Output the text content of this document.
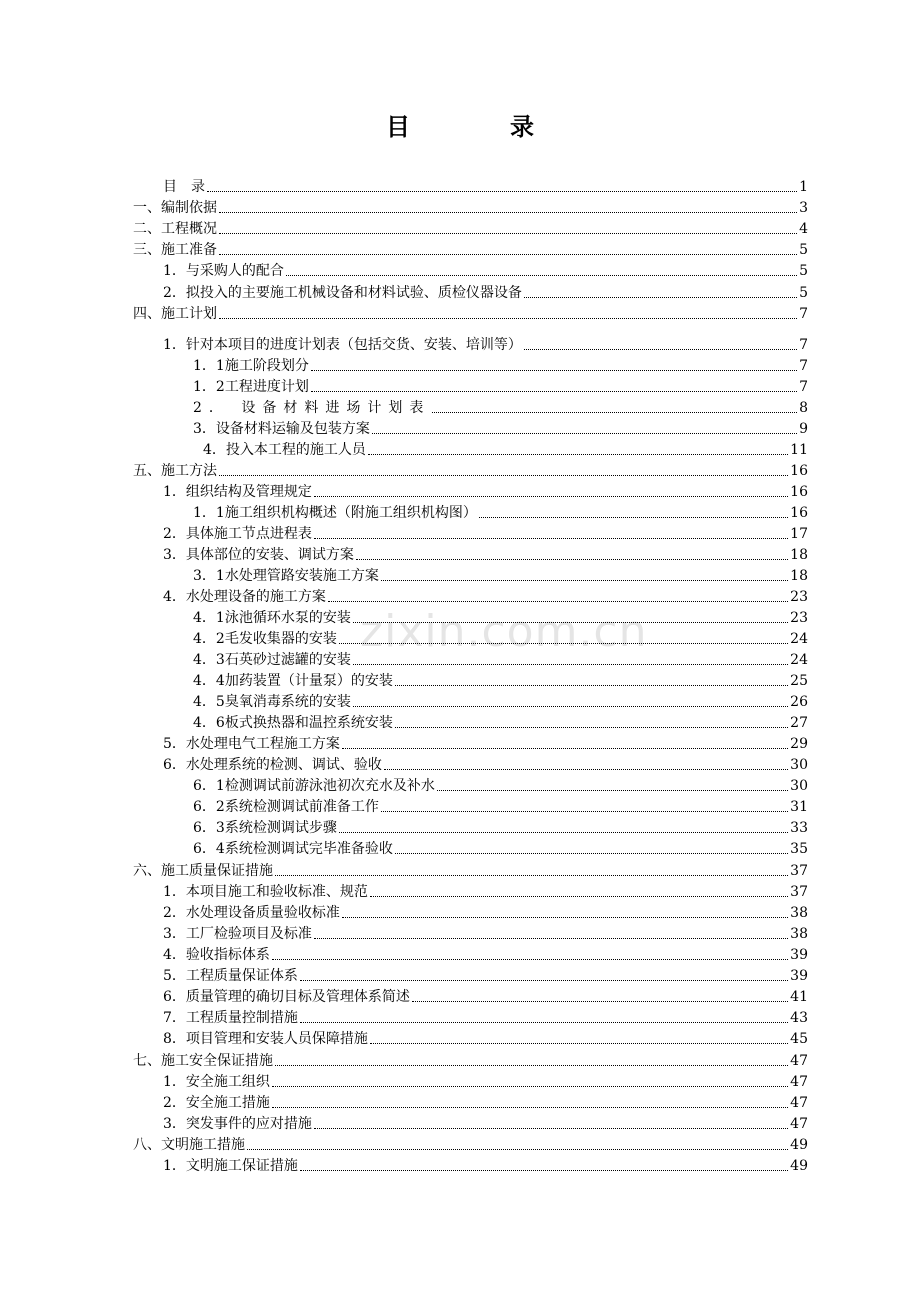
目　录
zixin.com.cn
目　录	1
一、编制依据	3
二、工程概况	4
三、施工准备	5
1．与采购人的配合	5
2．拟投入的主要施工机械设备和材料试验、质检仪器设备	5
四、施工计划	7
1．针对本项目的进度计划表（包括交货、安装、培训等）	7
1．1施工阶段划分	7
1．2工程进度计划	7
2． 设备材料进场计划表	8
3．设备材料运输及包装方案	9
4．投入本工程的施工人员	11
五、施工方法	16
1．组织结构及管理规定	16
1．1施工组织机构概述（附施工组织机构图）	16
2．具体施工节点进程表	17
3．具体部位的安装、调试方案	18
3．1水处理管路安装施工方案	18
4．水处理设备的施工方案	23
4．1泳池循环水泵的安装	23
4．2毛发收集器的安装	24
4．3石英砂过滤罐的安装	24
4．4加药装置（计量泵）的安装	25
4．5臭氧消毒系统的安装	26
4．6板式换热器和温控系统安装	27
5．水处理电气工程施工方案	29
6．水处理系统的检测、调试、验收	30
6．1检测调试前游泳池初次充水及补水	30
6．2系统检测调试前准备工作	31
6．3系统检测调试步骤	33
6．4系统检测调试完毕准备验收	35
六、施工质量保证措施	37
1．本项目施工和验收标准、规范	37
2．水处理设备质量验收标准	38
3．工厂检验项目及标准	38
4．验收指标体系	39
5．工程质量保证体系	39
6．质量管理的确切目标及管理体系简述	41
7．工程质量控制措施	43
8．项目管理和安装人员保障措施	45
七、施工安全保证措施	47
1．安全施工组织	47
2．安全施工措施	47
3．突发事件的应对措施	47
八、文明施工措施	49
1．文明施工保证措施	49
